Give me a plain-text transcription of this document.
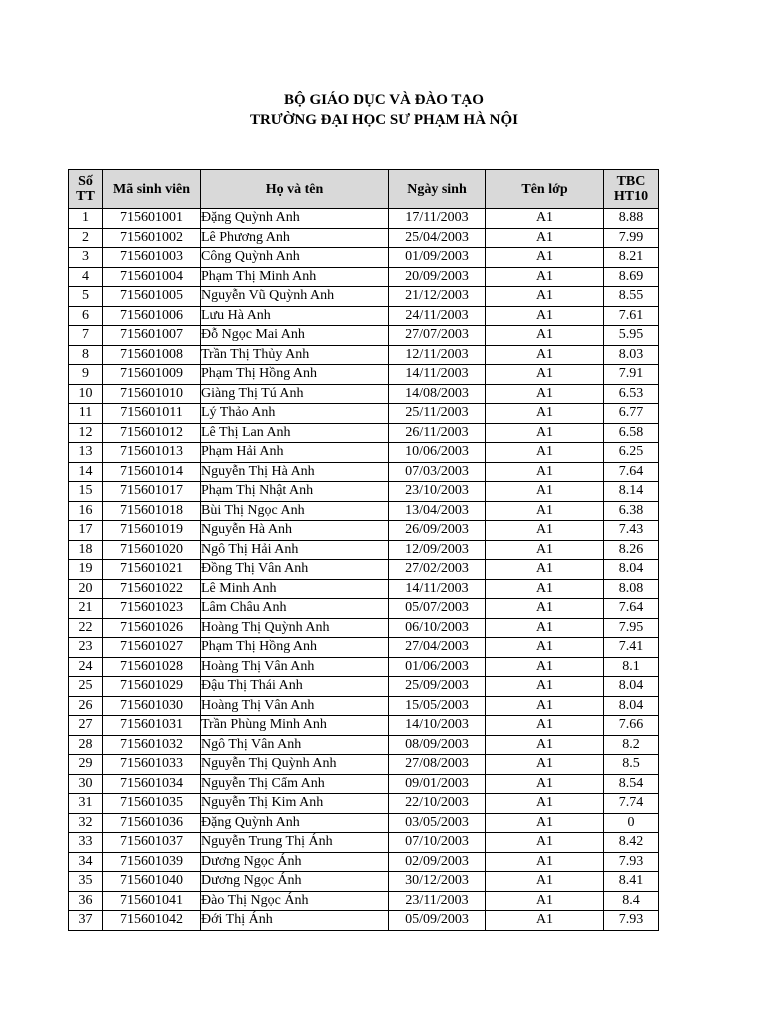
BỘ GIÁO DỤC VÀ ĐÀO TẠO
TRƯỜNG ĐẠI HỌC SƯ PHẠM HÀ NỘI
Số TT	Mã sinh viên	Họ và tên	Ngày sinh	Tên lớp	TBC HT10
1	715601001	Đặng Quỳnh Anh	17/11/2003	A1	8.88
2	715601002	Lê Phương Anh	25/04/2003	A1	7.99
3	715601003	Công Quỳnh Anh	01/09/2003	A1	8.21
4	715601004	Phạm Thị Minh Anh	20/09/2003	A1	8.69
5	715601005	Nguyễn Vũ Quỳnh Anh	21/12/2003	A1	8.55
6	715601006	Lưu Hà Anh	24/11/2003	A1	7.61
7	715601007	Đỗ Ngọc Mai Anh	27/07/2003	A1	5.95
8	715601008	Trần Thị Thủy Anh	12/11/2003	A1	8.03
9	715601009	Phạm Thị Hồng Anh	14/11/2003	A1	7.91
10	715601010	Giàng Thị Tú Anh	14/08/2003	A1	6.53
11	715601011	Lý Thảo Anh	25/11/2003	A1	6.77
12	715601012	Lê Thị Lan Anh	26/11/2003	A1	6.58
13	715601013	Phạm Hải Anh	10/06/2003	A1	6.25
14	715601014	Nguyễn Thị Hà Anh	07/03/2003	A1	7.64
15	715601017	Phạm Thị Nhật Anh	23/10/2003	A1	8.14
16	715601018	Bùi Thị Ngọc Anh	13/04/2003	A1	6.38
17	715601019	Nguyễn Hà Anh	26/09/2003	A1	7.43
18	715601020	Ngô Thị Hải Anh	12/09/2003	A1	8.26
19	715601021	Đồng Thị Vân Anh	27/02/2003	A1	8.04
20	715601022	Lê Minh Anh	14/11/2003	A1	8.08
21	715601023	Lâm Châu Anh	05/07/2003	A1	7.64
22	715601026	Hoàng Thị Quỳnh Anh	06/10/2003	A1	7.95
23	715601027	Phạm Thị Hồng Anh	27/04/2003	A1	7.41
24	715601028	Hoàng Thị Vân Anh	01/06/2003	A1	8.1
25	715601029	Đậu Thị Thái Anh	25/09/2003	A1	8.04
26	715601030	Hoàng Thị Vân Anh	15/05/2003	A1	8.04
27	715601031	Trần Phùng Minh Anh	14/10/2003	A1	7.66
28	715601032	Ngô Thị Vân Anh	08/09/2003	A1	8.2
29	715601033	Nguyễn Thị Quỳnh Anh	27/08/2003	A1	8.5
30	715601034	Nguyễn Thị Cẩm Anh	09/01/2003	A1	8.54
31	715601035	Nguyễn Thị Kim Anh	22/10/2003	A1	7.74
32	715601036	Đặng Quỳnh Anh	03/05/2003	A1	0
33	715601037	Nguyễn Trung Thị Ánh	07/10/2003	A1	8.42
34	715601039	Dương Ngọc Ánh	02/09/2003	A1	7.93
35	715601040	Dương Ngọc Ánh	30/12/2003	A1	8.41
36	715601041	Đào Thị Ngọc Ánh	23/11/2003	A1	8.4
37	715601042	Đới Thị Ánh	05/09/2003	A1	7.93
